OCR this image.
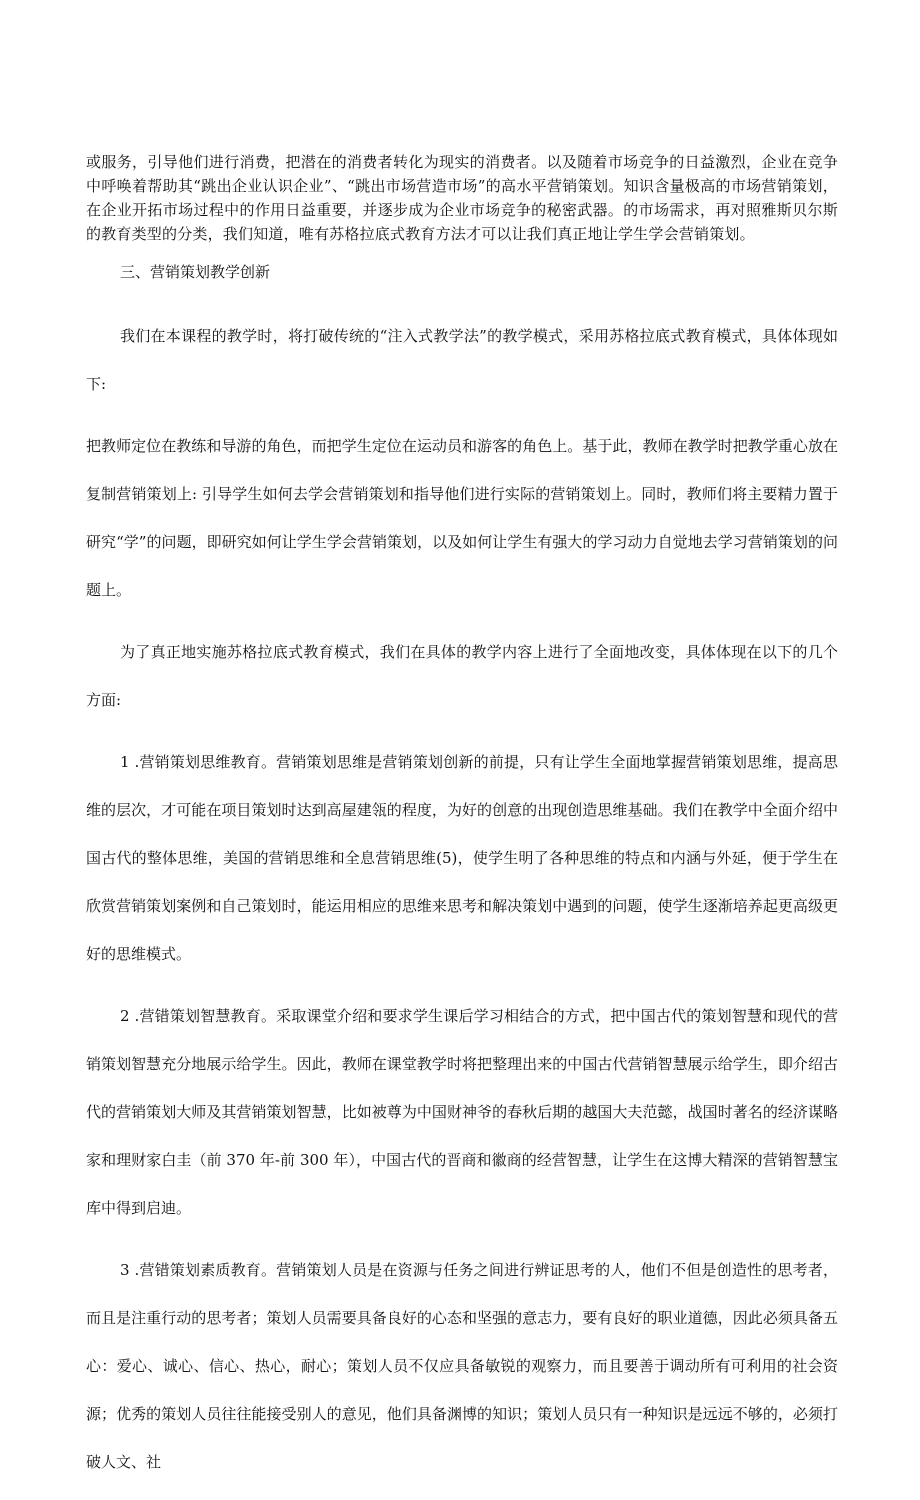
或服务，引导他们进行消费，把潜在的消费者转化为现实的消费者。以及随着市场竞争的日益激烈，企业在竞争中呼唤着帮助其“跳出企业认识企业”、“跳出市场营造市场”的高水平营销策划。知识含量极高的市场营销策划，在企业开拓市场过程中的作用日益重要，并逐步成为企业市场竞争的秘密武器。的市场需求，再对照雅斯贝尔斯的教育类型的分类，我们知道，唯有苏格拉底式教育方法才可以让我们真正地让学生学会营销策划。
三、营销策划教学创新

我们在本课程的教学时，将打破传统的“注入式教学法”的教学模式，采用苏格拉底式教育模式，具体体现如下:

把教师定位在教练和导游的角色，而把学生定位在运动员和游客的角色上。基于此，教师在教学时把教学重心放在复制营销策划上: 引导学生如何去学会营销策划和指导他们进行实际的营销策划上。同时，教师们将主要精力置于研究“学”的问题，即研究如何让学生学会营销策划，以及如何让学生有强大的学习动力自觉地去学习营销策划的问题上。

为了真正地实施苏格拉底式教育模式，我们在具体的教学内容上进行了全面地改变，具体体现在以下的几个方面:

1 .营销策划思维教育。营销策划思维是营销策划创新的前提，只有让学生全面地掌握营销策划思维，提高思维的层次，才可能在项目策划时达到高屋建瓴的程度，为好的创意的出现创造思维基础。我们在教学中全面介绍中国古代的整体思维，美国的营销思维和全息营销思维(5)，使学生明了各种思维的特点和内涵与外延，便于学生在欣赏营销策划案例和自己策划时，能运用相应的思维来思考和解决策划中遇到的问题，使学生逐渐培养起更高级更好的思维模式。

2 .营错策划智慧教育。采取课堂介绍和要求学生课后学习相结合的方式，把中国古代的策划智慧和现代的营销策划智慧充分地展示给学生。因此，教师在课堂教学时将把整理出来的中国古代营销智慧展示给学生，即介绍古代的营销策划大师及其营销策划智慧，比如被尊为中国财神爷的春秋后期的越国大夫范懿，战国时著名的经济谋略家和理财家白圭（前 370 年-前 300 年），中国古代的晋商和徽商的经营智慧，让学生在这博大精深的营销智慧宝库中得到启迪。

3 .营错策划素质教育。营销策划人员是在资源与任务之间进行辨证思考的人，他们不但是创造性的思考者，而且是注重行动的思考者；策划人员需要具备良好的心态和坚强的意志力，要有良好的职业道德，因此必须具备五心：爱心、诚心、信心、热心，耐心；策划人员不仅应具备敏锐的观察力，而且要善于调动所有可利用的社会资源；优秀的策划人员往往能接受别人的意见，他们具备渊博的知识；策划人员只有一种知识是远远不够的，必须打破人文、社
